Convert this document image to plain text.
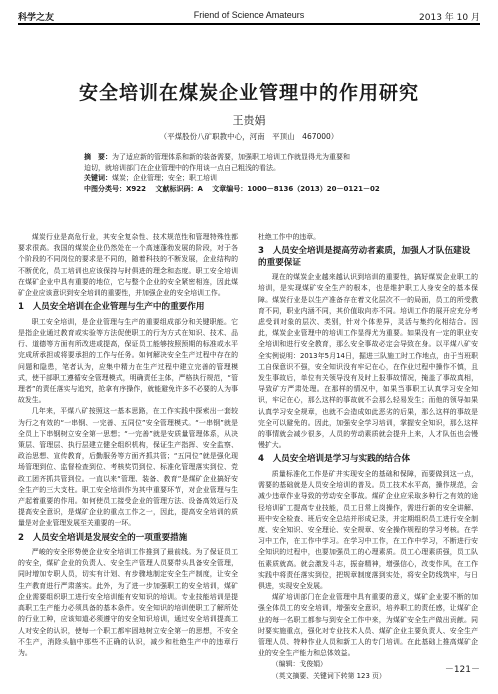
科学之友	Friend of Science Amateurs	2013 年 10 月
安全培训在煤炭企业管理中的作用研究
王贵娟
（平煤股份八矿职教中心，河南　平顶山　467000）
摘　要：为了适应新的管理体系和新的装备需要，加强职工培训工作就显得尤为重要和
迫切，就培训部门在企业管理中的作用谈一点自己粗浅的看法。
关键词：煤炭；企业管理；安全；职工培训
中图分类号：X922　 文献标识码：A　 文章编号：1000－8136（2013）20－0121－02

煤炭行业是高危行业，其安全复杂性、技术规范性和管理特殊性都要求很高。我国的煤炭企业仍然处在一个高速蓬勃发展的阶段，对于各个阶段的不同岗位的要求是不同的，随着科技的不断发展，企业结构的不断优化，员工培训也应该保持与时俱进的理念和态度。职工安全培训在煤矿企业中具有重要的地位，它与整个企业的安全紧密相连，因此煤矿企业应该意识到安全培训的重要性，并加强企业的安全培训工作。

1　人员安全培训在企业管理与生产中的重要作用

职工安全培训，是企业管理与生产的重要组成部分和关键职能。它是指企业通过教育或实验等方法促使职工的行为方式在知识、技术、品行、道德等方面有所改进或提高，保证员工能够按照预期的标准或水平完成所承担或将要承担的工作与任务。如何解决安全生产过程中存在的问题和隐患，笔者认为，应集中精力在生产过程中建立完善的管理模式，使干部职工遵循安全管理模式，明确责任主体，严格执行规范，“管理者”的责任落实与追究，抢拿有序操作，就能避免许多不必要的人为事故发生。

几年来，平煤八矿按照这一基本思路，在工作实践中探索出一套较为行之有效的“一串钢、一完善、五同位”安全管理模式。“一串钢”就是全员上下串钢树立安全第一思想；“一完善”就是安质量管理体系，从决策层、管理层、执行层建立健全组织机构，保证生产指挥、安全监察、政治思想、宣传教育，后勤服务等方面齐抓共管；“五同位”就是强化现场管理到位、监督检查到位、考核奖罚到位、标准化管理落实到位、党政工团齐抓共管到位。一直以来“管理、装备、教育”是煤矿企业搞好安全生产的三大支柱。职工安全培训作为其中重要环节，对企业管理与生产起着重要的作用。如何使员工接受企业的管理方法、设备高效运行及提高安全意识，是煤矿企业的重点工作之一，因此，提高安全培训的质量是对企业管理发展至关重要的一环。

2　人员安全培训是发展安全的一项重要措施

严峻的安全形势使企业安全培训工作推到了最前线。为了保证员工的安全，煤矿企业的负责人、安全生产管理人员要带头具备安全管理，同时增加专职人员，切实有计划、有步骤地制定安全生产制度，让安全生产教育进行严肃落实。此外，为了进一步加强职工的安全培训，煤矿企业需要组织职工进行安全培训能有安知识的培训。专业技能培训是提高职工生产能力必须具备的基本条件。安全知识的培训使职工了解所处的行业工种，应该知道必须遵守的安全知识培训，通过安全培训提高工人对安全的认识，使每一个职工都牢固地树立安全第一的思想，不安全不生产，消除头脑中那些不正确的认识，减少和杜绝生产中的违章行为。

杜绝工作中的违章。

3　人员安全培训是提高劳动者素质，加强人才队伍建设的重要保证

现在的煤炭企业越来越认识到培训的重要性，搞好煤炭企业职工的培训，是实现煤矿安全生产的根本，也是维护职工人身安全的基本保障。煤炭行业是以生产准备存在着文化层次不一的局面，员工的所受教育不同，职业内涵不同，其价值取向亦不同。培训工作的展开应充分考虑受训对象的层次、类别，针对个体差异，灵活与集约化相结合。因此，煤炭企业管理中的培训工作显得尤为重要。如果没有一定的职业安全培训和进行安全教育，那么安全事故必定会导致在身。以平煤八矿安全实例说明：2013年5月14日，掘进三队施工时工作地点，由于当班职工自保意识不强，安全知识没有牢记在心，在作业过程中操作不慎，且发生事故后，单位有关领导没有及时上报事故情况，掩盖了事故真相，导致矿方严肃处理。在那样的情况中，如果当事职工认真学习安全知识，牢记在心，那么这样的事故就不会那么轻易发生；而他的领导如果认真学习安全规章，也就不会造成如此恶劣的后果，那么这样的事故是完全可以避免的。因此，加强安全学习培训，掌握安全知识，那么这样的事情就会减少很多，人员的劳动素质就会提升上来，人才队伍也会慢慢扩大。

4　人员安全培训是学习与实践的结合体

质量标准化工作是矿井实现安全的基础和保障，而要做到这一点，需要的基础就是人员安全培训的普及。员工技术水平高，操作规范，会减少违章作业导致的劳动安全事故。煤矿企业应采取多种行之有效的途径培训矿工提高专业技能，员工日常上岗操作，需进行新的安全讲解、班中安全检查、班后安全总结并形成记录，并定期组织员工进行安全制度、安全知识、安全理论、安全规章、安全操作规程的学习考核。在学习中工作，在工作中学习。在学习中工作，在工作中学习，不断进行安全知识的过程中，也要加强员工的心理素质。员工心理素质强，员工队伍素质就高。就会激发斗志，振奋精神，增强信心，改变作风，在工作实践中将责任落实到位，把规章制度落到实处，将安全防线筑牢，与日俱进，实现安全发展。

煤矿培训部门在企业管理中具有重要的意义，煤矿企业要不断的加强全体员工的安全培训，增强安全意识，培养职工的责任感，让煤矿企业的每一名职工都参与到安全工作中来，为煤矿安全生产做出贡献。同时要实施重点，强化对专业技术人员、煤矿企业主要负责人、安全生产管理人员、特种作业人员和新工人的专门培训。在此基础上推高煤矿企业的安全生产能力和总体效益。

（编辑：戈俊娟）

（英文摘要、关键词下转第 123 页）

－121－
